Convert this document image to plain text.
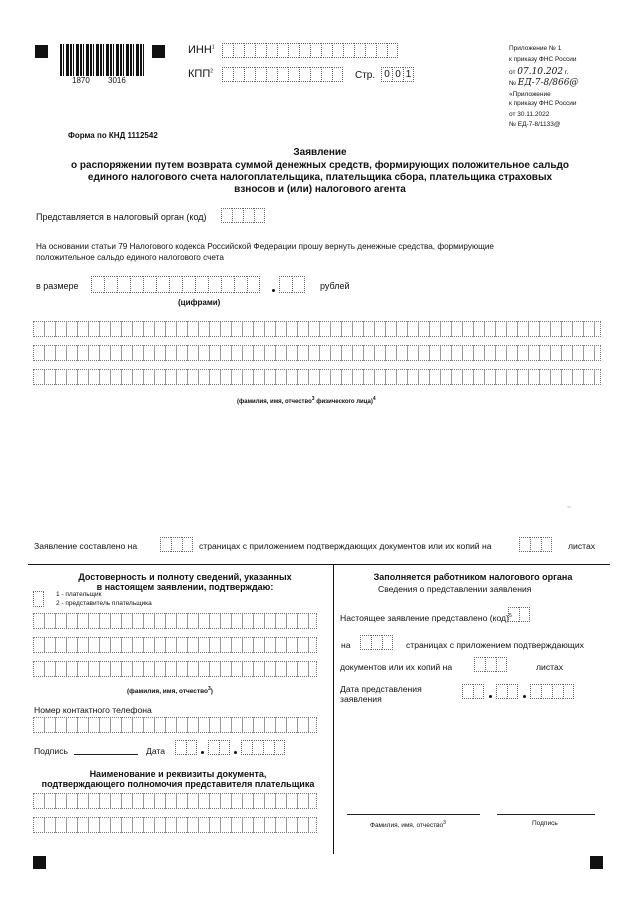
1870 3016
ИНН$^1$
КПП$^2$	Стр. 0 0 1
Приложение № 1
к приказу ФНС России
от 07.10.202 г.
№ ЕД-7-8/866@
«Приложение
к приказу ФНС России
от 30.11.2022
№ ЕД-7-8/1133@
Форма по КНД 1112542
Заявление
о распоряжении путем возврата суммой денежных средств, формирующих положительное сальдо
единого налогового счета налогоплательщика, плательщика сбора, плательщика страховых
взносов и (или) налогового агента
Представляется в налоговый орган (код)
На основании статьи 79 Налогового кодекса Российской Федерации прошу вернуть денежные средства, формирующие
положительное сальдо единого налогового счета
в размере	рублей
(цифрами)
(фамилия, имя, отчество$^3$ физического лица)$^4$
~
Заявление составлено на	страницах с приложением подтверждающих документов или их копий на	листах
Достоверность и полноту сведений, указанных
в настоящем заявлении, подтверждаю:
1 - плательщик
2 - представитель плательщика
(фамилия, имя, отчество$^3$)
Номер контактного телефона
Подпись	Дата
Наименование и реквизиты документа,
подтверждающего полномочия представителя плательщика
Заполняется работником налогового органа
Сведения о представлении заявления
Настоящее заявление представлено (код)$^5$
на	страницах с приложением подтверждающих
документов или их копий на	листах
Дата представления
заявления
Фамилия, имя, отчество$^3$	Подпись
